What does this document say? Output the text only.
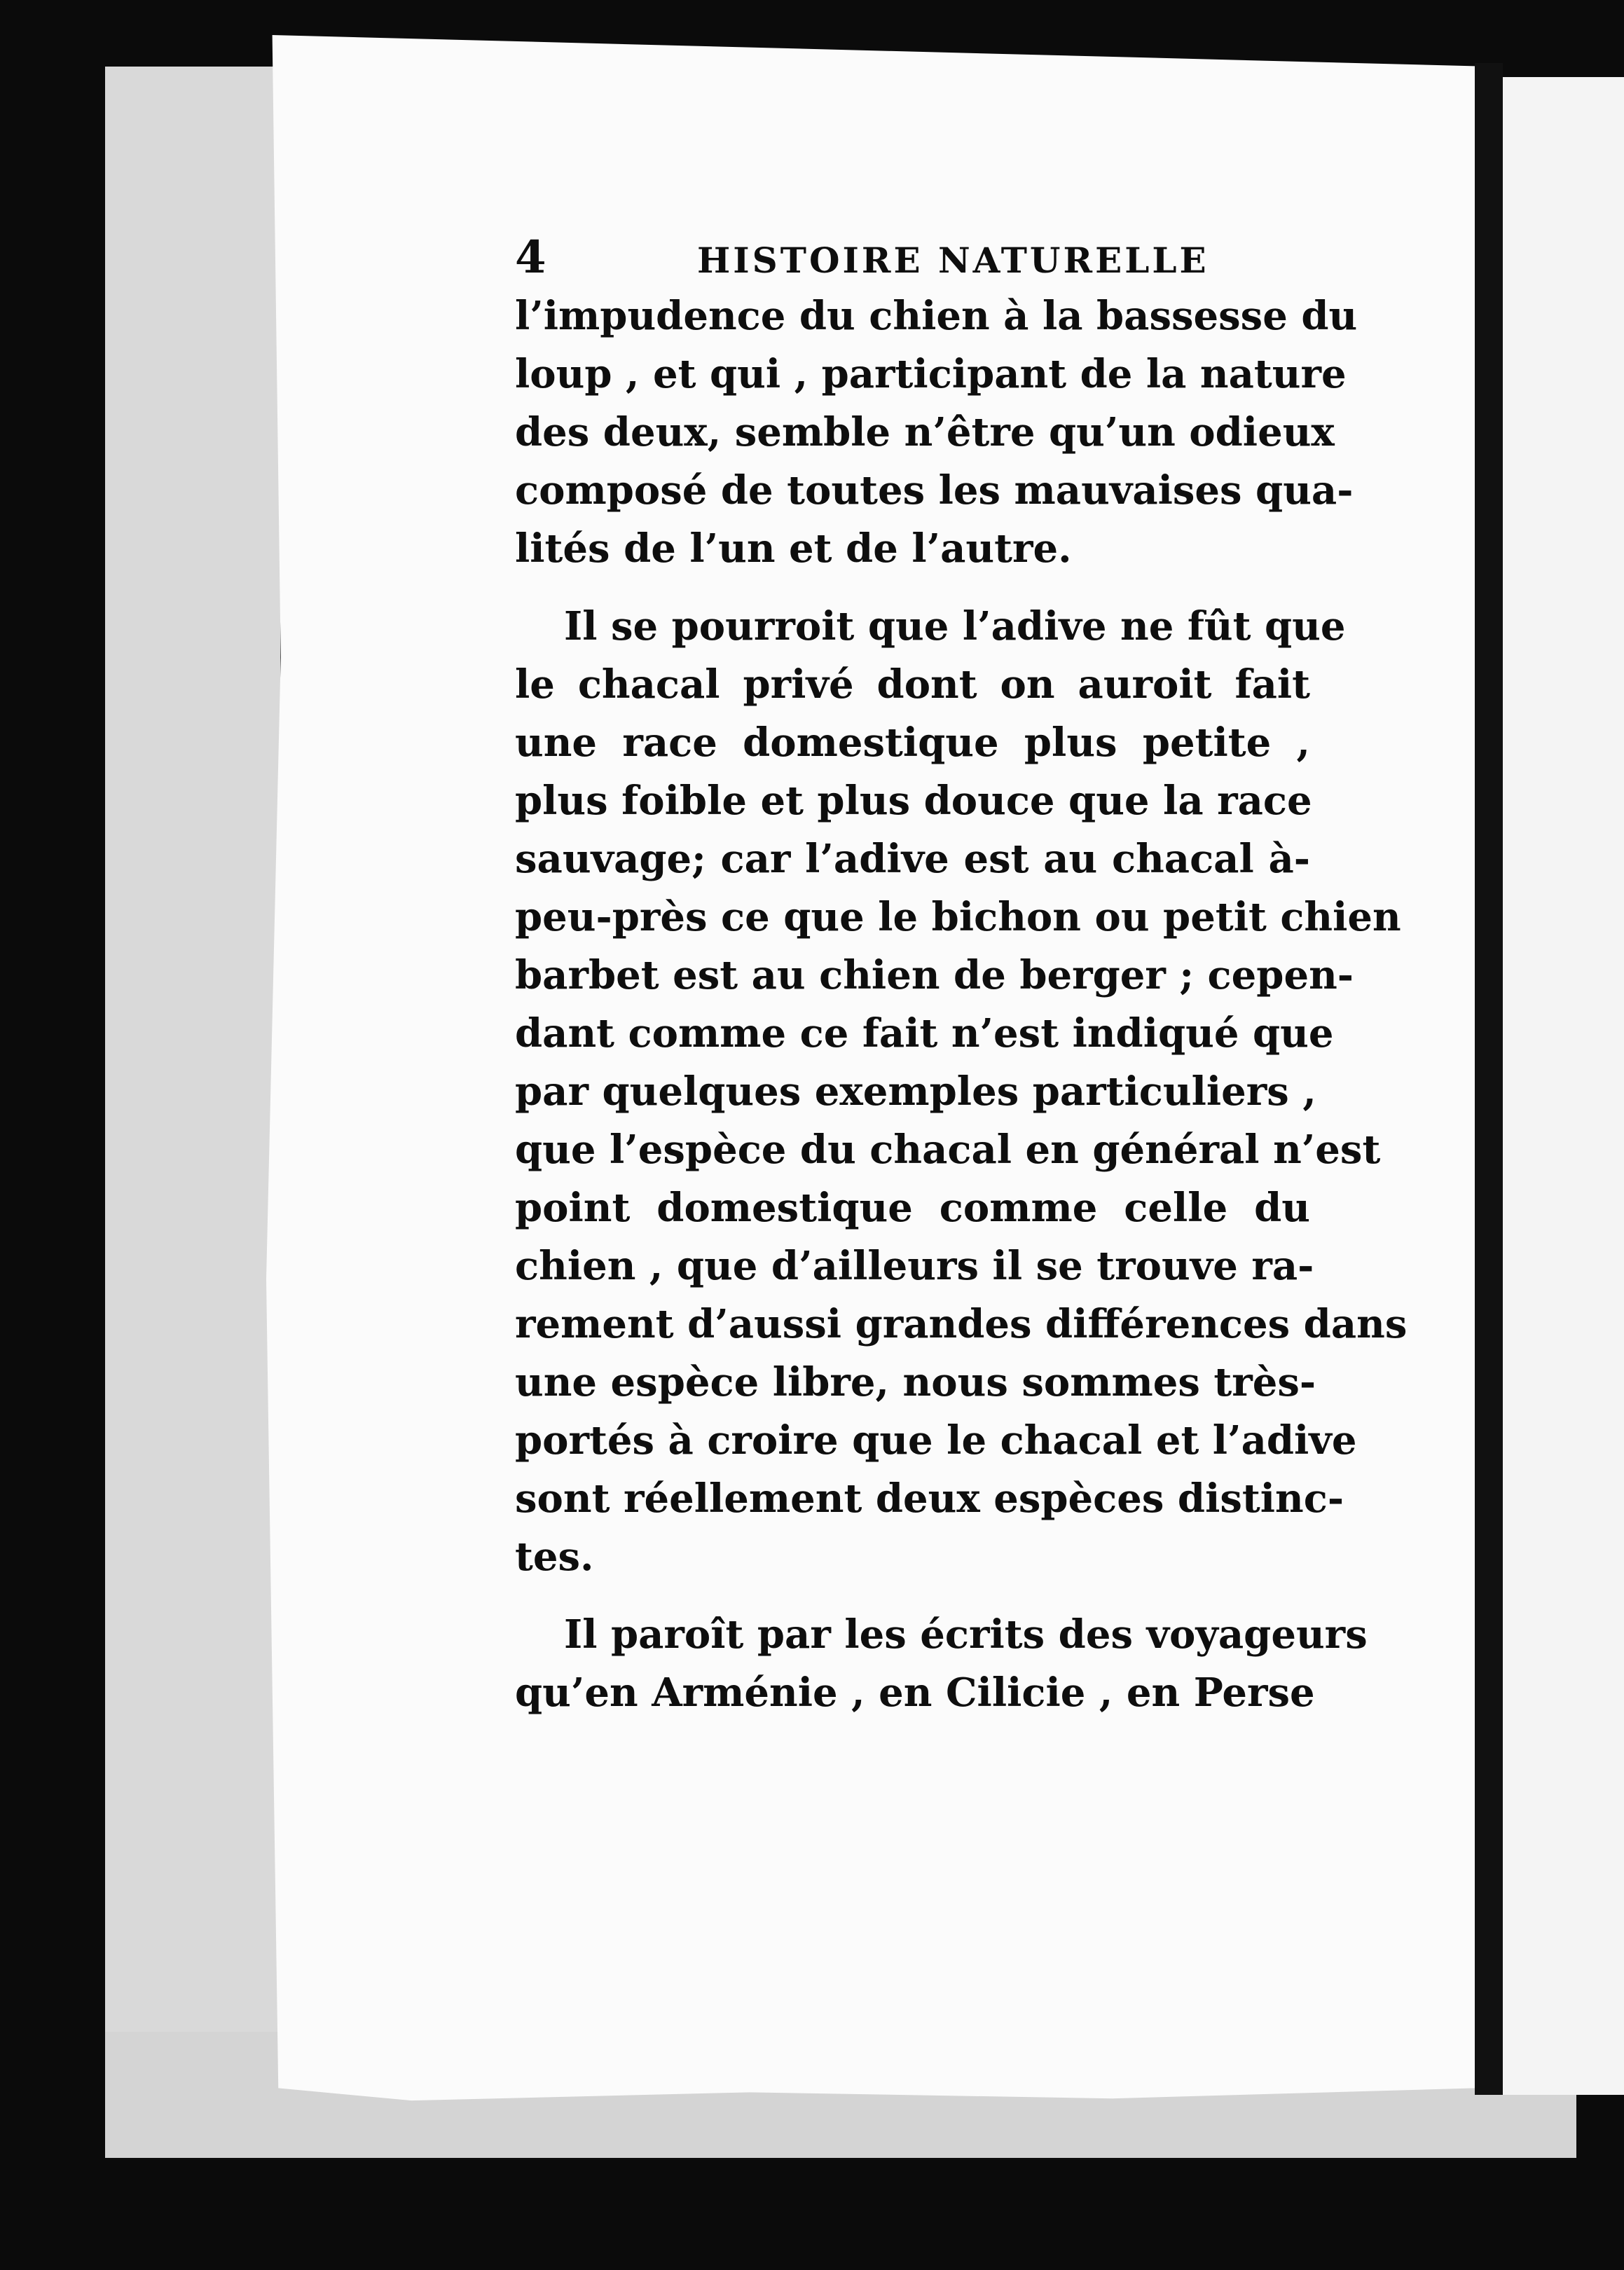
4	HISTOIRE NATURELLE
l’impudence du chien à la bassesse du
loup , et qui , participant de la nature
des deux, semble n’être qu’un odieux
composé de toutes les mauvaises qua-
lités de l’un et de l’autre.
Il se pourroit que l’adive ne fût que
le chacal privé dont on auroit fait
une race domestique plus petite ,
plus foible et plus douce que la race
sauvage; car l’adive est au chacal à-
peu-près ce que le bichon ou petit chien
barbet est au chien de berger ; cepen-
dant comme ce fait n’est indiqué que
par quelques exemples particuliers ,
que l’espèce du chacal en général n’est
point domestique comme celle du
chien , que d’ailleurs il se trouve ra-
rement d’aussi grandes différences dans
une espèce libre, nous sommes très-
portés à croire que le chacal et l’adive
sont réellement deux espèces distinc-
tes.
Il paroît par les écrits des voyageurs
qu’en Arménie , en Cilicie , en Perse
